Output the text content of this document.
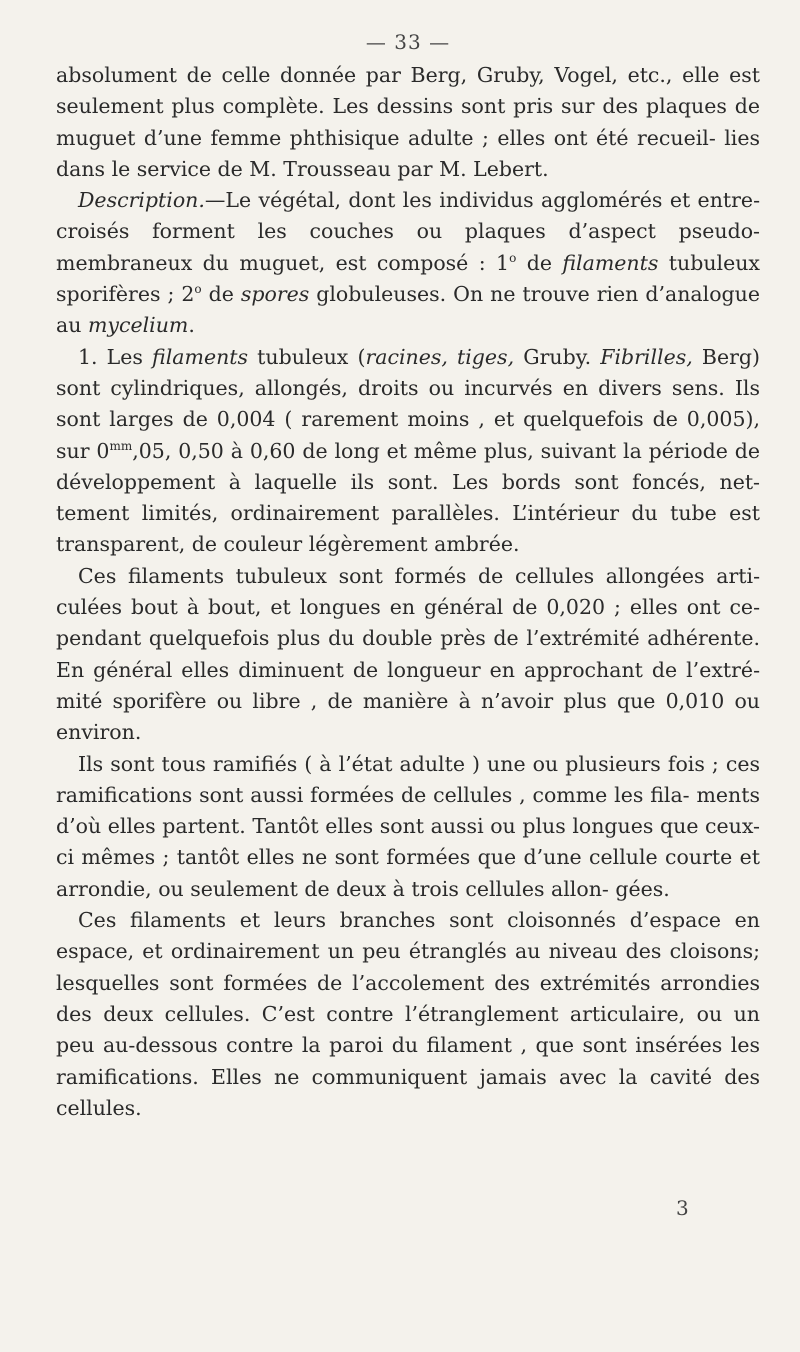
— 33 —

absolument de celle donnée par Berg, Gruby, Vogel, etc., elle est seulement plus complète. Les dessins sont pris sur des plaques de muguet d’une femme phthisique adulte ; elles ont été recueil- lies dans le service de M. Trousseau par M. Lebert.

Description.—Le végétal, dont les individus agglomérés et entre- croisés forment les couches ou plaques d’aspect pseudo-membraneux du muguet, est composé : 1$^o$ de filaments tubuleux sporifères ; 2$^o$ de spores globuleuses. On ne trouve rien d’analogue au mycelium.

1. Les filaments tubuleux (racines, tiges, Gruby. Fibrilles, Berg) sont cylindriques, allongés, droits ou incurvés en divers sens. Ils sont larges de 0,004 ( rarement moins , et quelquefois de 0,005), sur $0^{mm},05$, 0,50 à 0,60 de long et même plus, suivant la période de développement à laquelle ils sont. Les bords sont foncés, net- tement limités, ordinairement parallèles. L’intérieur du tube est transparent, de couleur légèrement ambrée.

Ces filaments tubuleux sont formés de cellules allongées arti- culées bout à bout, et longues en général de 0,020 ; elles ont ce- pendant quelquefois plus du double près de l’extrémité adhérente. En général elles diminuent de longueur en approchant de l’extré- mité sporifère ou libre , de manière à n’avoir plus que 0,010 ou environ.

Ils sont tous ramifiés ( à l’état adulte ) une ou plusieurs fois ; ces ramifications sont aussi formées de cellules , comme les fila- ments d’où elles partent. Tantôt elles sont aussi ou plus longues que ceux-ci mêmes ; tantôt elles ne sont formées que d’une cellule courte et arrondie, ou seulement de deux à trois cellules allon- gées.

Ces filaments et leurs branches sont cloisonnés d’espace en espace, et ordinairement un peu étranglés au niveau des cloisons; lesquelles sont formées de l’accolement des extrémités arrondies des deux cellules. C’est contre l’étranglement articulaire, ou un peu au-dessous contre la paroi du filament , que sont insérées les ramifications. Elles ne communiquent jamais avec la cavité des cellules.

3
